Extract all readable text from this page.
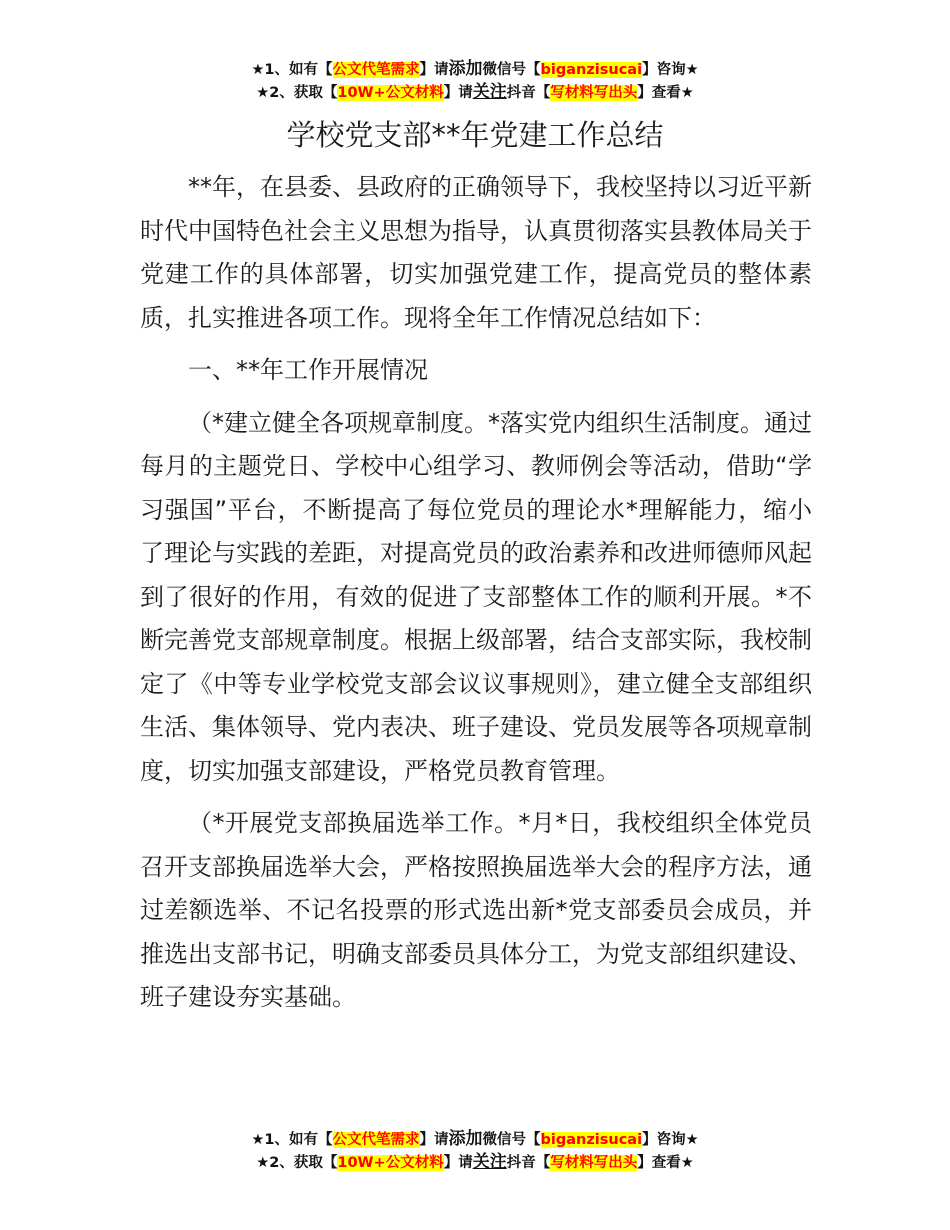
★1、如有【公文代笔需求】请添加微信号【biganzisucai】咨询★
★2、获取【10W+公文材料】请关注抖音【写材料写出头】查看★
学校党支部**年党建工作总结

**年，在县委、县政府的正确领导下，我校坚持以习近平新时代中国特色社会主义思想为指导，认真贯彻落实县教体局关于党建工作的具体部署，切实加强党建工作，提高党员的整体素质，扎实推进各项工作。现将全年工作情况总结如下：

一、**年工作开展情况

（*建立健全各项规章制度。*落实党内组织生活制度。通过每月的主题党日、学校中心组学习、教师例会等活动，借助“学习强国”平台，不断提高了每位党员的理论水*理解能力，缩小了理论与实践的差距，对提高党员的政治素养和改进师德师风起到了很好的作用，有效的促进了支部整体工作的顺利开展。*不断完善党支部规章制度。根据上级部署，结合支部实际，我校制定了《中等专业学校党支部会议议事规则》，建立健全支部组织生活、集体领导、党内表决、班子建设、党员发展等各项规章制度，切实加强支部建设，严格党员教育管理。

（*开展党支部换届选举工作。*月*日，我校组织全体党员召开支部换届选举大会，严格按照换届选举大会的程序方法，通过差额选举、不记名投票的形式选出新*党支部委员会成员，并推选出支部书记，明确支部委员具体分工，为党支部组织建设、班子建设夯实基础。

★1、如有【公文代笔需求】请添加微信号【biganzisucai】咨询★
★2、获取【10W+公文材料】请关注抖音【写材料写出头】查看★
